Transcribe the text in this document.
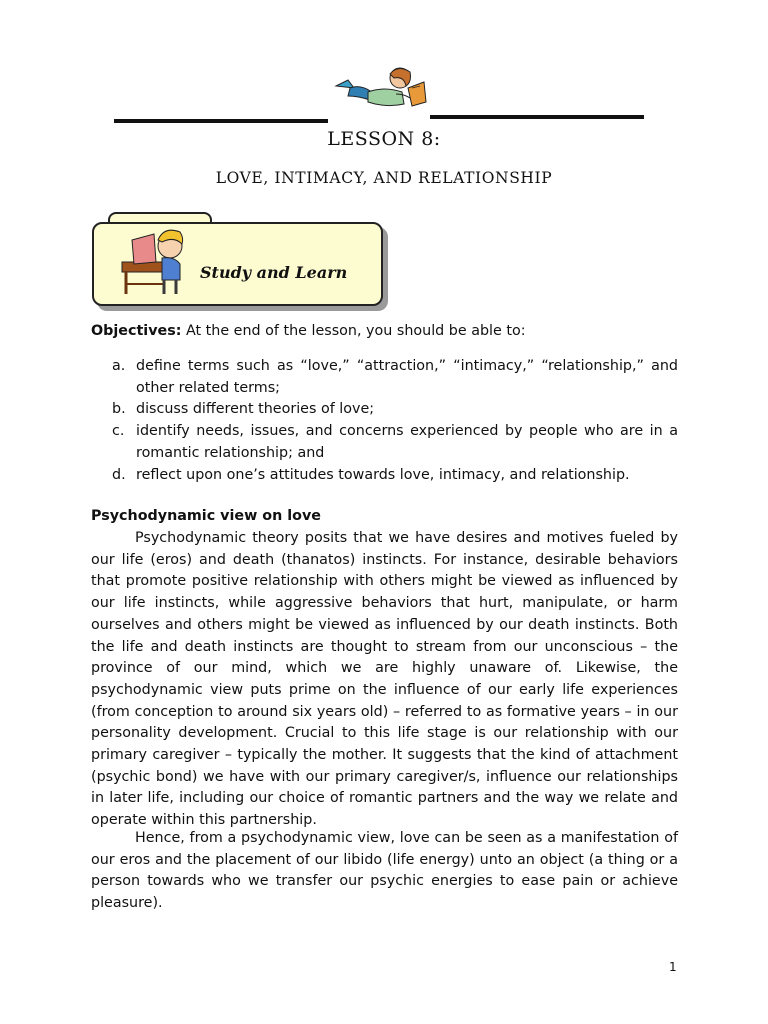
LESSON 8:
LOVE, INTIMACY, AND RELATIONSHIP
Study and Learn
Objectives: At the end of the lesson, you should be able to:
a. define terms such as “love,” “attraction,” “intimacy,” “relationship,” and other related terms;
b. discuss different theories of love;
c. identify needs, issues, and concerns experienced by people who are in a romantic relationship; and
d. reflect upon one’s attitudes towards love, intimacy, and relationship.
Psychodynamic view on love
Psychodynamic theory posits that we have desires and motives fueled by our life (eros) and death (thanatos) instincts. For instance, desirable behaviors that promote positive relationship with others might be viewed as influenced by our life instincts, while aggressive behaviors that hurt, manipulate, or harm ourselves and others might be viewed as influenced by our death instincts. Both the life and death instincts are thought to stream from our unconscious – the province of our mind, which we are highly unaware of. Likewise, the psychodynamic view puts prime on the influence of our early life experiences (from conception to around six years old) – referred to as formative years – in our personality development. Crucial to this life stage is our relationship with our primary caregiver – typically the mother. It suggests that the kind of attachment (psychic bond) we have with our primary caregiver/s, influence our relationships in later life, including our choice of romantic partners and the way we relate and operate within this partnership.
Hence, from a psychodynamic view, love can be seen as a manifestation of our eros and the placement of our libido (life energy) unto an object (a thing or a person towards who we transfer our psychic energies to ease pain or achieve pleasure).
1
